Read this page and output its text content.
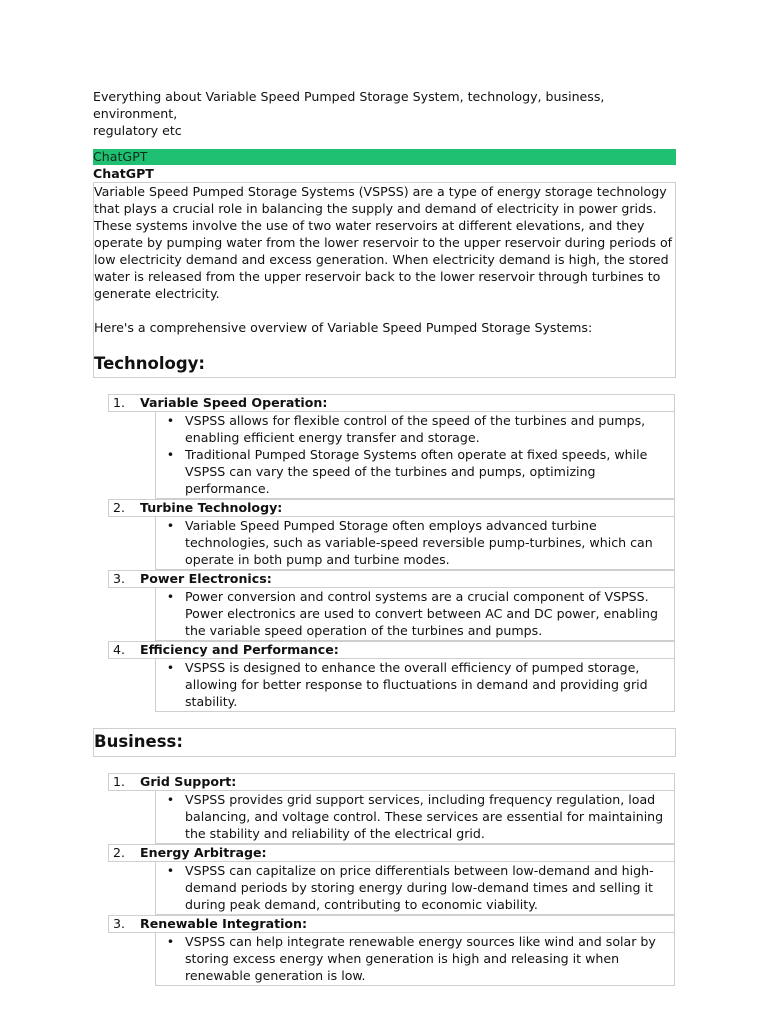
Everything about Variable Speed Pumped Storage System, technology, business, environment,

regulatory etc

ChatGPT
ChatGPT

Variable Speed Pumped Storage Systems (VSPSS) are a type of energy storage technology that plays a crucial role in balancing the supply and demand of electricity in power grids. These systems involve the use of two water reservoirs at different elevations, and they operate by pumping water from the lower reservoir to the upper reservoir during periods of low electricity demand and excess generation. When electricity demand is high, the stored water is released from the upper reservoir back to the lower reservoir through turbines to generate electricity.

Here's a comprehensive overview of Variable Speed Pumped Storage Systems:

Technology:
1.	Variable Speed Operation:
• VSPSS allows for flexible control of the speed of the turbines and pumps, enabling efficient energy transfer and storage.
• Traditional Pumped Storage Systems often operate at fixed speeds, while VSPSS can vary the speed of the turbines and pumps, optimizing performance.
2.	Turbine Technology:
• Variable Speed Pumped Storage often employs advanced turbine technologies, such as variable-speed reversible pump-turbines, which can operate in both pump and turbine modes.
3.	Power Electronics:
• Power conversion and control systems are a crucial component of VSPSS. Power electronics are used to convert between AC and DC power, enabling the variable speed operation of the turbines and pumps.
4.	Efficiency and Performance:
• VSPSS is designed to enhance the overall efficiency of pumped storage, allowing for better response to fluctuations in demand and providing grid stability.
Business:
1.	Grid Support:
• VSPSS provides grid support services, including frequency regulation, load balancing, and voltage control. These services are essential for maintaining the stability and reliability of the electrical grid.
2.	Energy Arbitrage:
• VSPSS can capitalize on price differentials between low-demand and high-demand periods by storing energy during low-demand times and selling it during peak demand, contributing to economic viability.
3.	Renewable Integration:
• VSPSS can help integrate renewable energy sources like wind and solar by storing excess energy when generation is high and releasing it when renewable generation is low.
